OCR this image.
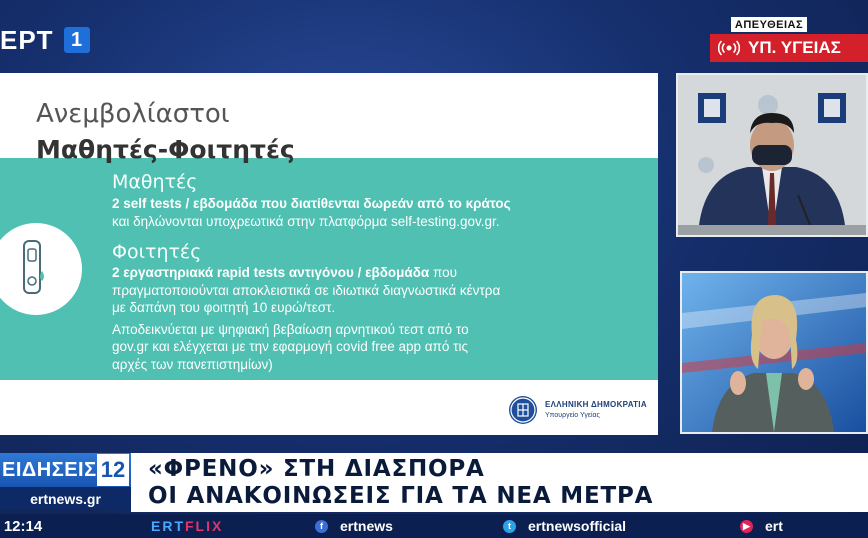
ΕΡΤ 1
ΑΠΕΥΘΕΙΑΣ
ΥΠ. ΥΓΕΙΑΣ
Ανεμβολίαστοι
Μαθητές-Φοιτητές
Μαθητές
2 self tests / εβδομάδα που διατίθενται δωρεάν από το κράτος
και δηλώνονται υποχρεωτικά στην πλατφόρμα self-testing.gov.gr.
Φοιτητές
2 εργαστηριακά rapid tests αντιγόνου / εβδομάδα που
πραγματοποιούνται αποκλειστικά σε ιδιωτικά διαγνωστικά κέντρα
με δαπάνη του φοιτητή 10 ευρώ/τεστ.
Αποδεικνύεται με ψηφιακή βεβαίωση αρνητικού τεστ από το
gov.gr και ελέγχεται με την εφαρμογή covid free app από τις
αρχές των πανεπιστημίων)
ΕΛΛΗΝΙΚΗ ΔΗΜΟΚΡΑΤΙΑ
Υπουργείο Υγείας
ΕΙΔΗΣΕΙΣ 12
ertnews.gr
«ΦΡΕΝΟ» ΣΤΗ ΔΙΑΣΠΟΡΑ
ΟΙ ΑΝΑΚΟΙΝΩΣΕΙΣ ΓΙΑ ΤΑ ΝΕΑ ΜΕΤΡΑ
12:14	ERT FLIX	f	ertnews	t	ertnewsofficial	▶ ert
